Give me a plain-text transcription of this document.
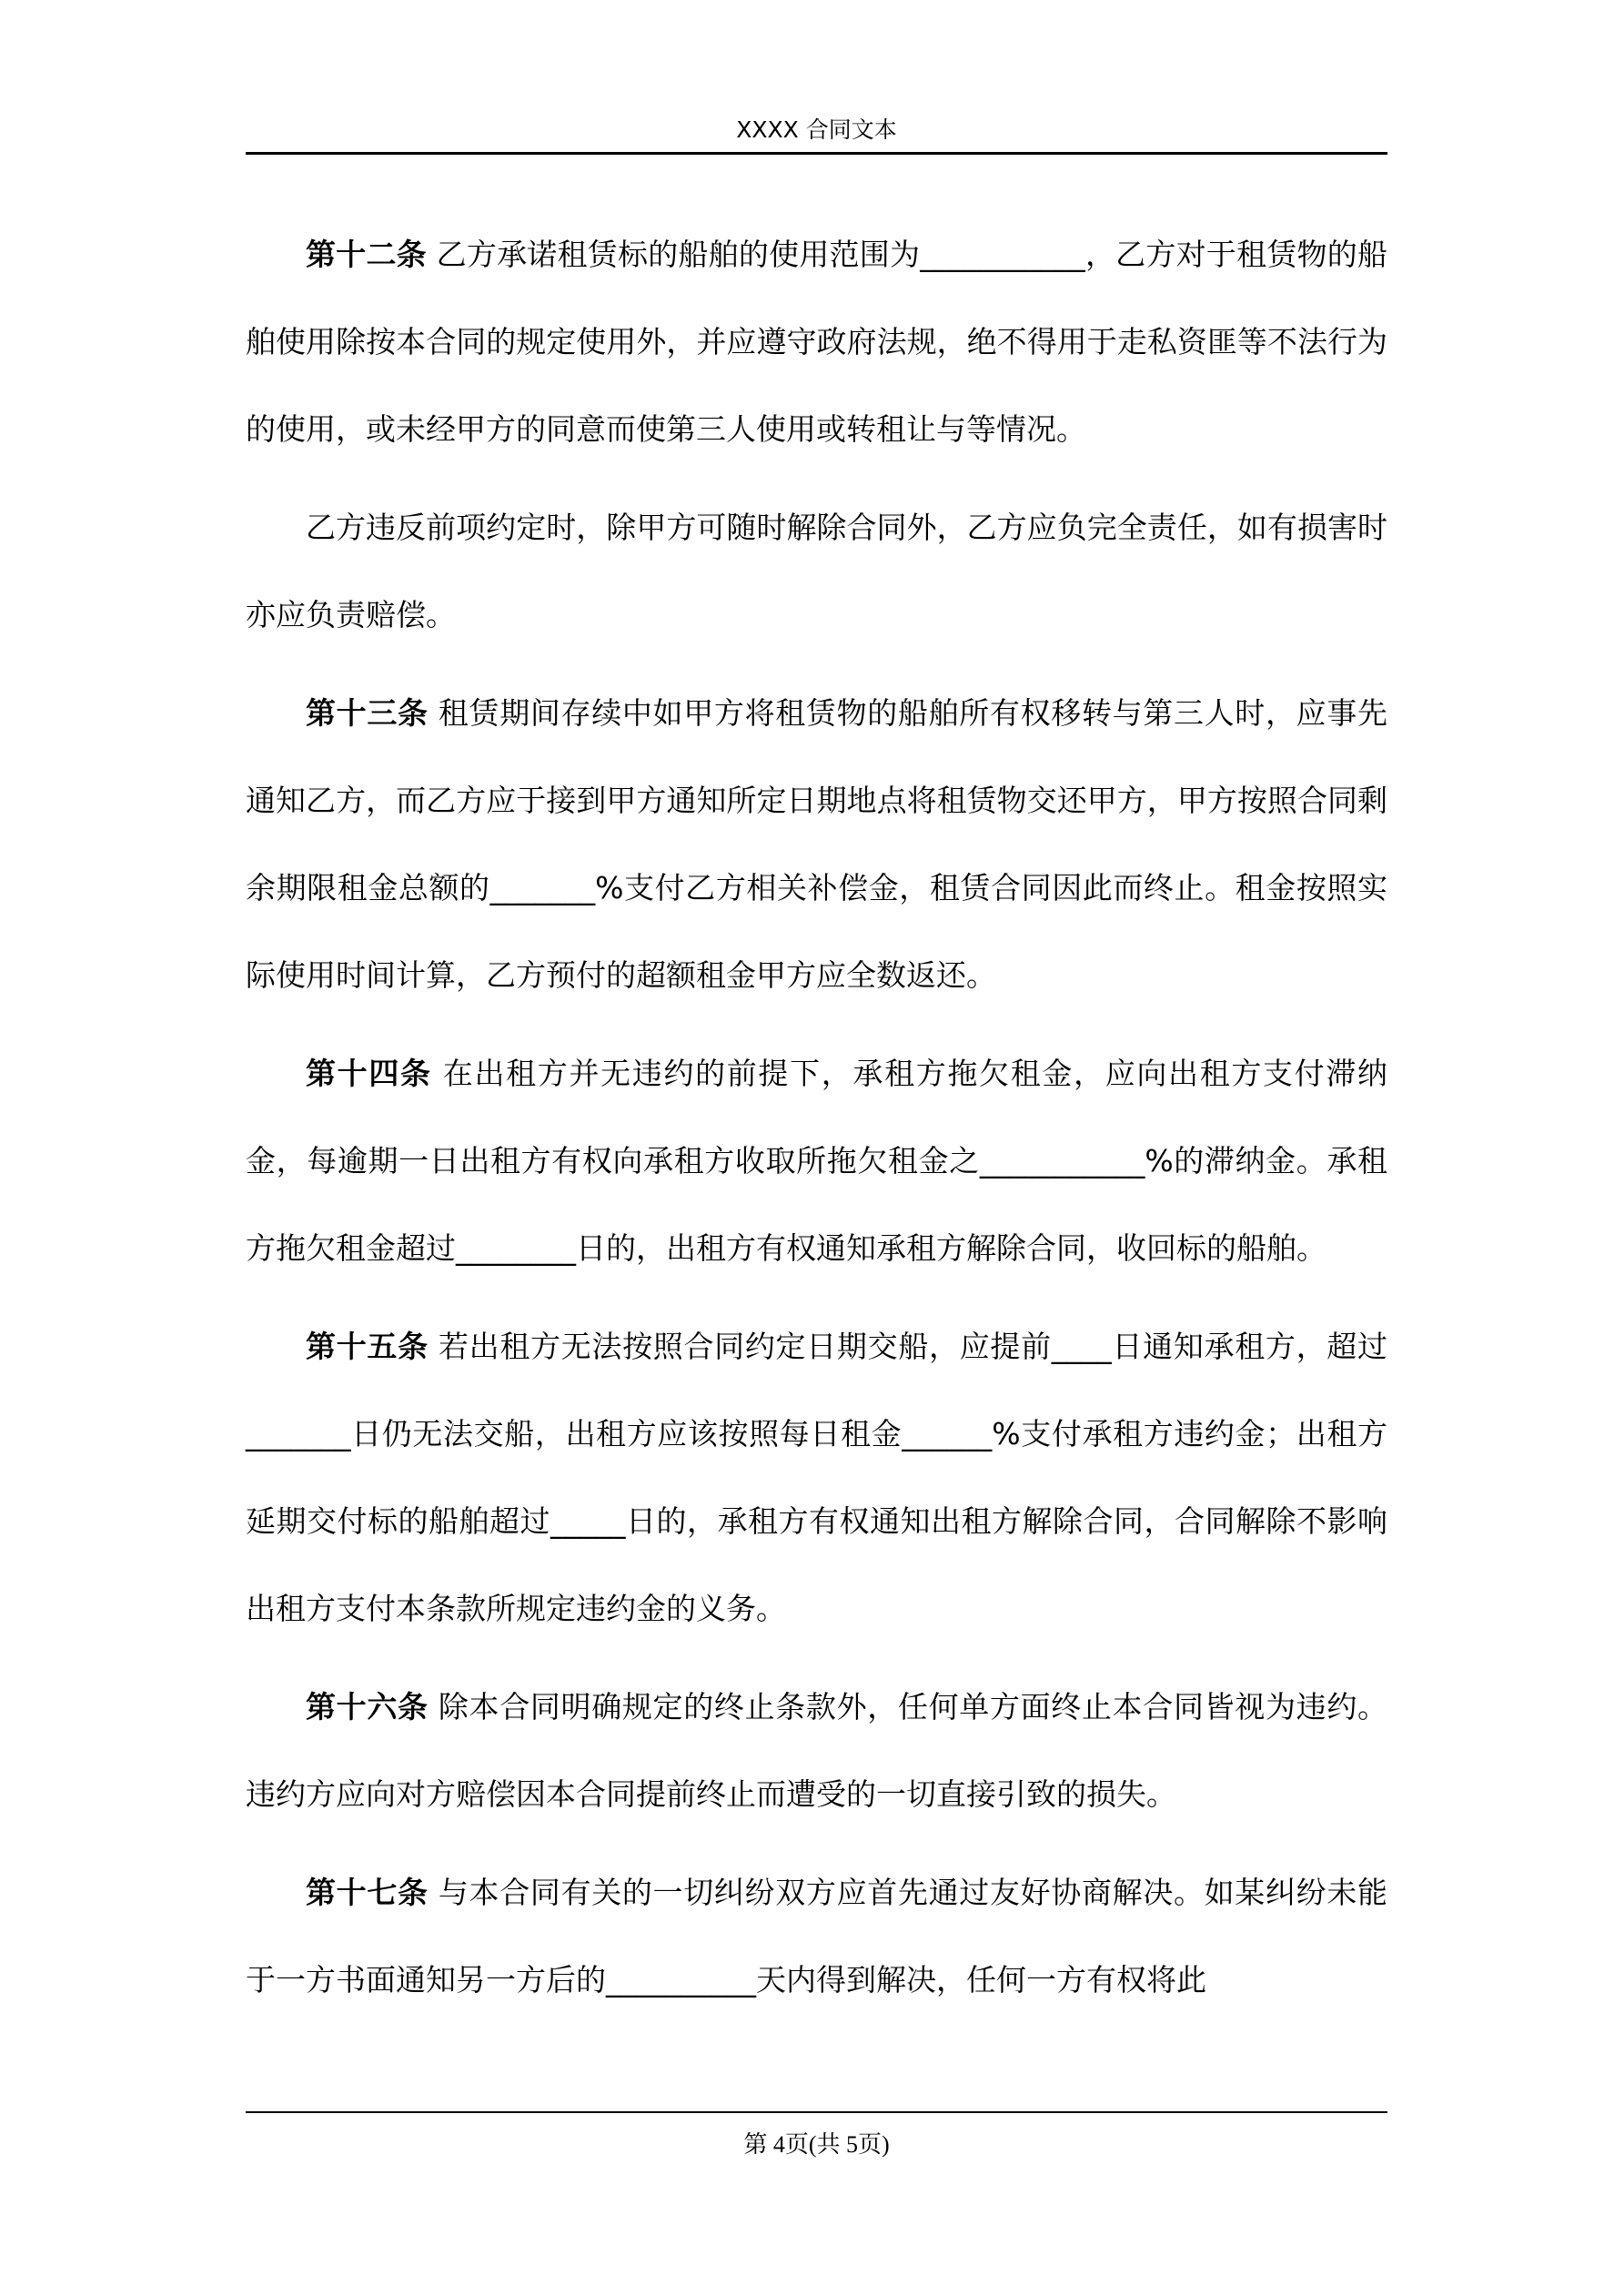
XXXX 合同文本

第十二条 乙方承诺租赁标的船舶的使用范围为___________，乙方对于租赁物的船舶使用除按本合同的规定使用外，并应遵守政府法规，绝不得用于走私资匪等不法行为的使用，或未经甲方的同意而使第三人使用或转租让与等情况。

乙方违反前项约定时，除甲方可随时解除合同外，乙方应负完全责任，如有损害时亦应负责赔偿。

第十三条 租赁期间存续中如甲方将租赁物的船舶所有权移转与第三人时，应事先通知乙方，而乙方应于接到甲方通知所定日期地点将租赁物交还甲方，甲方按照合同剩余期限租金总额的_______%支付乙方相关补偿金，租赁合同因此而终止。租金按照实际使用时间计算，乙方预付的超额租金甲方应全数返还。

第十四条 在出租方并无违约的前提下，承租方拖欠租金，应向出租方支付滞纳金，每逾期一日出租方有权向承租方收取所拖欠租金之___________%的滞纳金。承租方拖欠租金超过________日的，出租方有权通知承租方解除合同，收回标的船舶。

第十五条 若出租方无法按照合同约定日期交船，应提前____日通知承租方，超过_______日仍无法交船，出租方应该按照每日租金______%支付承租方违约金；出租方延期交付标的船舶超过_____日的，承租方有权通知出租方解除合同，合同解除不影响出租方支付本条款所规定违约金的义务。

第十六条 除本合同明确规定的终止条款外，任何单方面终止本合同皆视为违约。违约方应向对方赔偿因本合同提前终止而遭受的一切直接引致的损失。

第十七条 与本合同有关的一切纠纷双方应首先通过友好协商解决。如某纠纷未能于一方书面通知另一方后的__________天内得到解决，任何一方有权将此

第 4页(共 5页)
